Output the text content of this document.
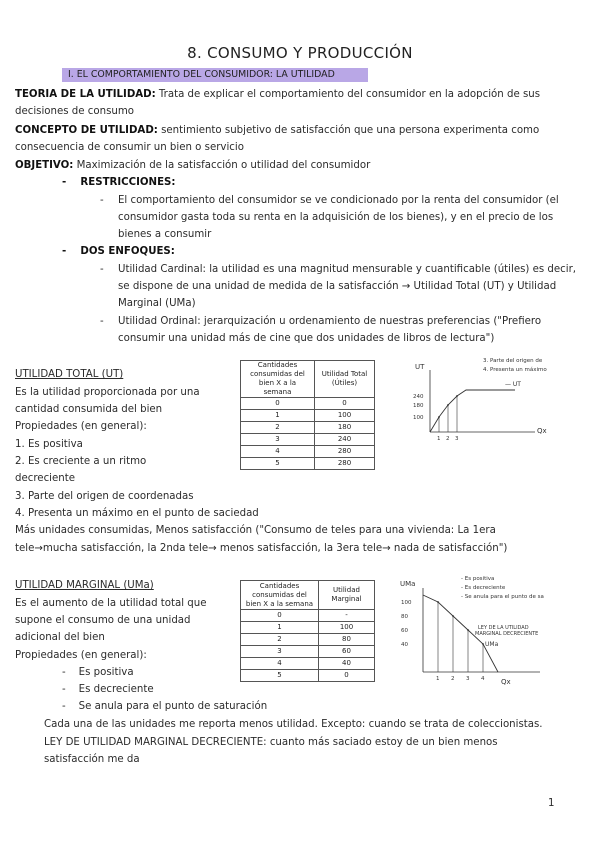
8. CONSUMO Y PRODUCCIÓN
I. EL COMPORTAMIENTO DEL CONSUMIDOR: LA UTILIDAD
TEORIA DE LA UTILIDAD: Trata de explicar el comportamiento del consumidor en la adopción de sus
decisiones de consumo
CONCEPTO DE UTILIDAD: sentimiento subjetivo de satisfacción que una persona experimenta como
consecuencia de consumir un bien o servicio
OBJETIVO: Maximización de la satisfacción o utilidad del consumidor
-    RESTRICCIONES:
- El comportamiento del consumidor se ve condicionado por la renta del consumidor (el
consumidor gasta toda su renta en la adquisición de los bienes), y en el precio de los
bienes a consumir
-    DOS ENFOQUES:
- Utilidad Cardinal: la utilidad es una magnitud mensurable y cuantificable (útiles) es decir,
se dispone de una unidad de medida de la satisfacción → Utilidad Total (UT) y Utilidad
Marginal (UMa)
- Utilidad Ordinal: jerarquización u ordenamiento de nuestras preferencias ("Prefiero
consumir una unidad más de cine que dos unidades de libros de lectura")
UTILIDAD TOTAL (UT)
Es la utilidad proporcionada por una
cantidad consumida del bien
Propiedades (en general):
1. Es positiva
2. Es creciente a un ritmo
decreciente
3. Parte del origen de coordenadas
4. Presenta un máximo en el punto de saciedad
Más unidades consumidas, Menos satisfacción ("Consumo de teles para una vivienda: La 1era
tele→mucha satisfacción, la 2nda tele→ menos satisfacción, la 3era tele→ nada de satisfacción")
Cantidades consumidas del bien X a la semana	Utilidad Total (Útiles)
0	0
1	100
2	180
3	240
4	280
5	280
UT
3. Parte del origen de
4. Presenta un máximo
Qx
240
180
100
1 2 3
— UT
UTILIDAD MARGINAL (UMa)
Es el aumento de la utilidad total que
supone el consumo de una unidad
adicional del bien
Propiedades (en general):
-    Es positiva
-    Es decreciente
-    Se anula para el punto de saturación
Cada una de las unidades me reporta menos utilidad. Excepto: cuando se trata de coleccionistas.
LEY DE UTILIDAD MARGINAL DECRECIENTE: cuanto más saciado estoy de un bien menos
satisfacción me da
Cantidades consumidas del bien X a la semana	Utilidad Marginal
0	-
1	100
2	80
3	60
4	40
5	0
UMa
- Es positiva
- Es decreciente
- Se anula para el punto de sa
LEY DE LA UTILIDAD
MARGINAL DECRECIENTE
Qx
100
80
60
40
1 2 3 4
UMa
1
